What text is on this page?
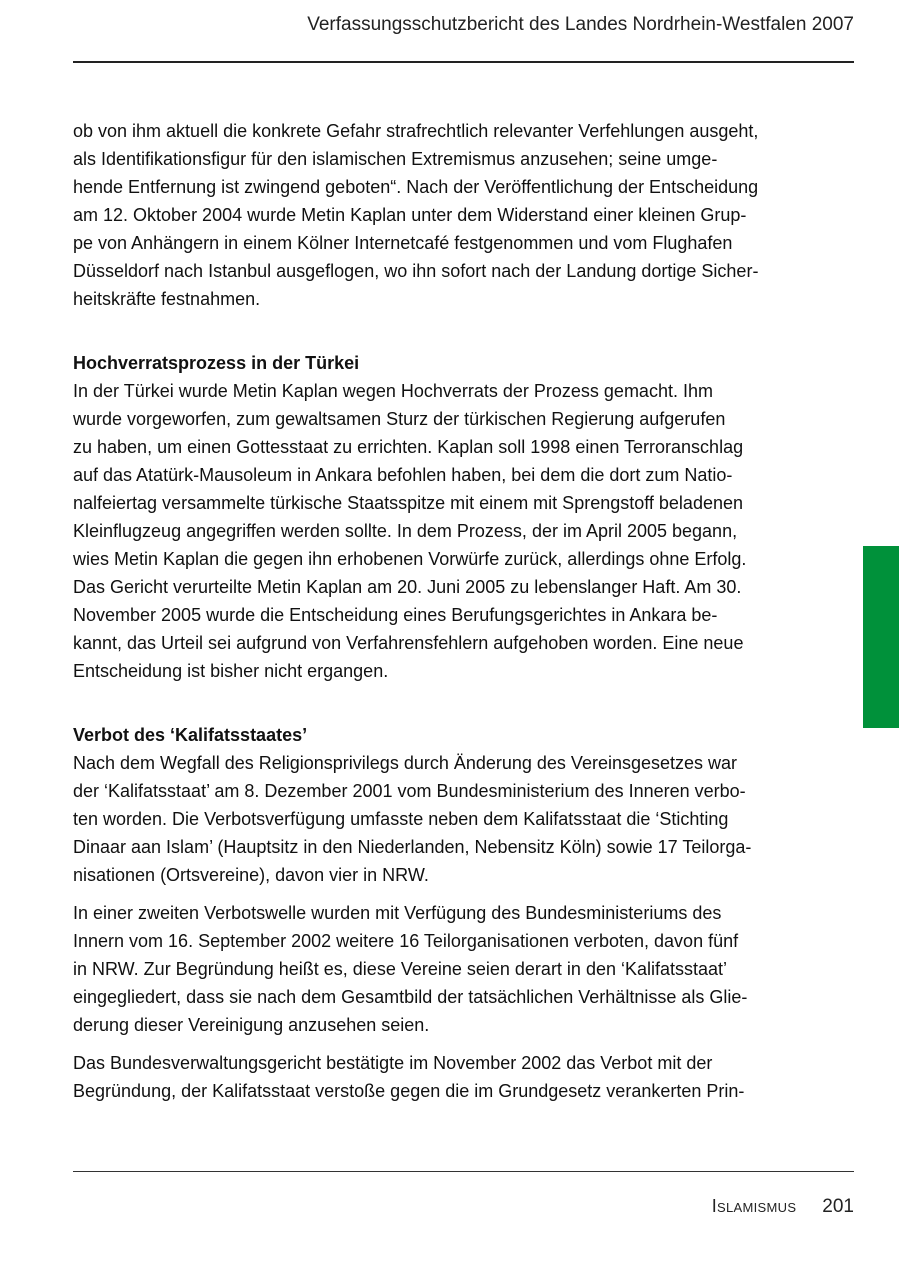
Verfassungsschutzbericht des Landes Nordrhein-Westfalen 2007

ob von ihm aktuell die konkrete Gefahr strafrechtlich relevanter Verfehlungen ausgeht,
als Identifikationsfigur für den islamischen Extremismus anzusehen; seine umge-
hende Entfernung ist zwingend geboten“. Nach der Veröffentlichung der Entscheidung
am 12. Oktober 2004 wurde Metin Kaplan unter dem Widerstand einer kleinen Grup-
pe von Anhängern in einem Kölner Internetcafé festgenommen und vom Flughafen
Düsseldorf nach Istanbul ausgeflogen, wo ihn sofort nach der Landung dortige Sicher-
heitskräfte festnahmen.

Hochverratsprozess in der Türkei

In der Türkei wurde Metin Kaplan wegen Hochverrats der Prozess gemacht. Ihm
wurde vorgeworfen, zum gewaltsamen Sturz der türkischen Regierung aufgerufen
zu haben, um einen Gottesstaat zu errichten. Kaplan soll 1998 einen Terroranschlag
auf das Atatürk-Mausoleum in Ankara befohlen haben, bei dem die dort zum Natio-
nalfeiertag versammelte türkische Staatsspitze mit einem mit Sprengstoff beladenen
Kleinflugzeug angegriffen werden sollte. In dem Prozess, der im April 2005 begann,
wies Metin Kaplan die gegen ihn erhobenen Vorwürfe zurück, allerdings ohne Erfolg.
Das Gericht verurteilte Metin Kaplan am 20. Juni 2005 zu lebenslanger Haft. Am 30.
November 2005 wurde die Entscheidung eines Berufungsgerichtes in Ankara be-
kannt, das Urteil sei aufgrund von Verfahrensfehlern aufgehoben worden. Eine neue
Entscheidung ist bisher nicht ergangen.

Verbot des ‘Kalifatsstaates’

Nach dem Wegfall des Religionsprivilegs durch Änderung des Vereinsgesetzes war
der ‘Kalifatsstaat’ am 8. Dezember 2001 vom Bundesministerium des Inneren verbo-
ten worden. Die Verbotsverfügung umfasste neben dem Kalifatsstaat die ‘Stichting
Dinaar aan Islam’ (Hauptsitz in den Niederlanden, Nebensitz Köln) sowie 17 Teilorga-
nisationen (Ortsvereine), davon vier in NRW.

In einer zweiten Verbotswelle wurden mit Verfügung des Bundesministeriums des
Innern vom 16. September 2002 weitere 16 Teilorganisationen verboten, davon fünf
in NRW. Zur Begründung heißt es, diese Vereine seien derart in den ‘Kalifatsstaat’
eingegliedert, dass sie nach dem Gesamtbild der tatsächlichen Verhältnisse als Glie-
derung dieser Vereinigung anzusehen seien.

Das Bundesverwaltungsgericht bestätigte im November 2002 das Verbot mit der
Begründung, der Kalifatsstaat verstoße gegen die im Grundgesetz verankerten Prin-

Islamismus 201
